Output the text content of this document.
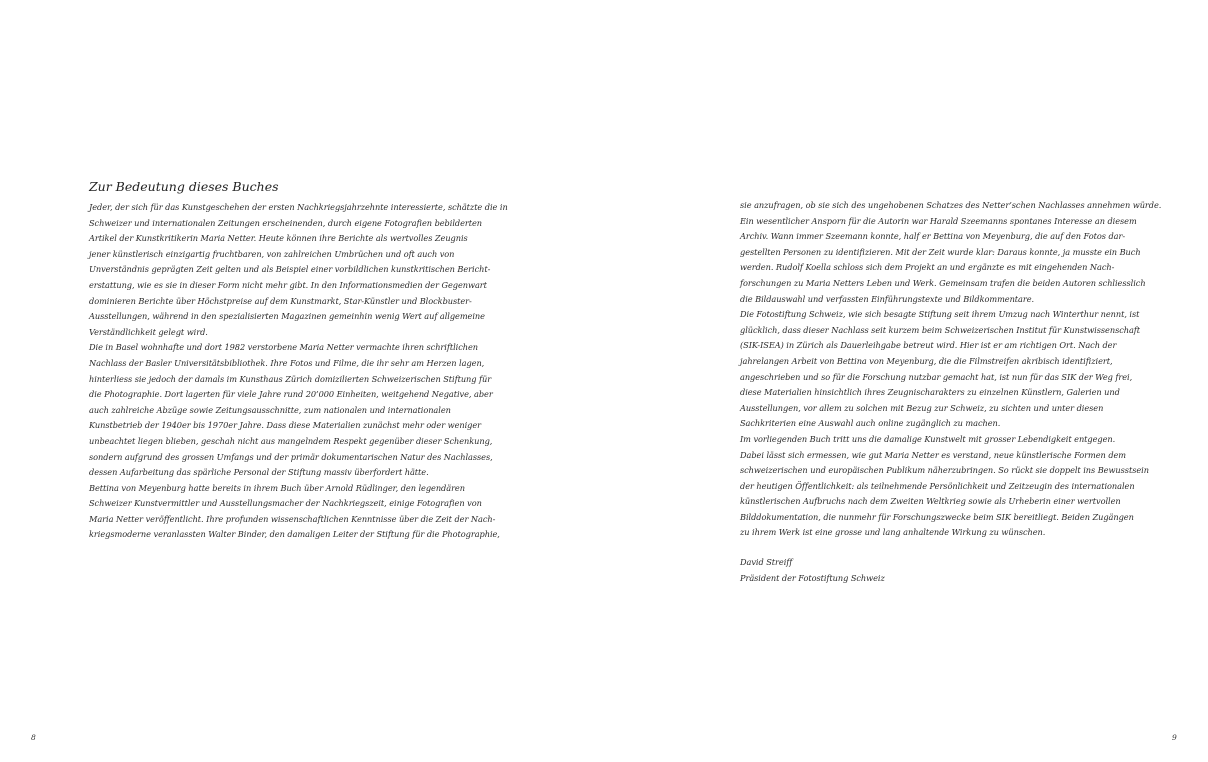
Zur Bedeutung dieses Buches
Jeder, der sich für das Kunstgeschehen der ersten Nachkriegsjahrzehnte interessierte, schätzte die in
Schweizer und internationalen Zeitungen erscheinenden, durch eigene Fotografien bebilderten
Artikel der Kunstkritikerin Maria Netter. Heute können ihre Berichte als wertvolles Zeugnis
jener künstlerisch einzigartig fruchtbaren, von zahlreichen Umbrüchen und oft auch von
Unverständnis geprägten Zeit gelten und als Beispiel einer vorbildlichen kunstkritischen Bericht-
erstattung, wie es sie in dieser Form nicht mehr gibt. In den Informationsmedien der Gegenwart
dominieren Berichte über Höchstpreise auf dem Kunstmarkt, Star-Künstler und Blockbuster-
Ausstellungen, während in den spezialisierten Magazinen gemeinhin wenig Wert auf allgemeine
Verständlichkeit gelegt wird.
Die in Basel wohnhafte und dort 1982 verstorbene Maria Netter vermachte ihren schriftlichen
Nachlass der Basler Universitätsbibliothek. Ihre Fotos und Filme, die ihr sehr am Herzen lagen,
hinterliess sie jedoch der damals im Kunsthaus Zürich domizilierten Schweizerischen Stiftung für
die Photographie. Dort lagerten für viele Jahre rund 20’000 Einheiten, weitgehend Negative, aber
auch zahlreiche Abzüge sowie Zeitungsausschnitte, zum nationalen und internationalen
Kunstbetrieb der 1940er bis 1970er Jahre. Dass diese Materialien zunächst mehr oder weniger
unbeachtet liegen blieben, geschah nicht aus mangelndem Respekt gegenüber dieser Schenkung,
sondern aufgrund des grossen Umfangs und der primär dokumentarischen Natur des Nachlasses,
dessen Aufarbeitung das spärliche Personal der Stiftung massiv überfordert hätte.
Bettina von Meyenburg hatte bereits in ihrem Buch über Arnold Rüdlinger, den legendären
Schweizer Kunstvermittler und Ausstellungsmacher der Nachkriegszeit, einige Fotografien von
Maria Netter veröffentlicht. Ihre profunden wissenschaftlichen Kenntnisse über die Zeit der Nach-
kriegsmoderne veranlassten Walter Binder, den damaligen Leiter der Stiftung für die Photographie,
8
sie anzufragen, ob sie sich des ungehobenen Schatzes des Netter’schen Nachlasses annehmen würde.
Ein wesentlicher Ansporn für die Autorin war Harald Szeemanns spontanes Interesse an diesem
Archiv. Wann immer Szeemann konnte, half er Bettina von Meyenburg, die auf den Fotos dar-
gestellten Personen zu identifizieren. Mit der Zeit wurde klar: Daraus konnte, ja musste ein Buch
werden. Rudolf Koella schloss sich dem Projekt an und ergänzte es mit eingehenden Nach-
forschungen zu Maria Netters Leben und Werk. Gemeinsam trafen die beiden Autoren schliesslich
die Bildauswahl und verfassten Einführungstexte und Bildkommentare.
Die Fotostiftung Schweiz, wie sich besagte Stiftung seit ihrem Umzug nach Winterthur nennt, ist
glücklich, dass dieser Nachlass seit kurzem beim Schweizerischen Institut für Kunstwissenschaft
(SIK-ISEA) in Zürich als Dauerleihgabe betreut wird. Hier ist er am richtigen Ort. Nach der
jahrelangen Arbeit von Bettina von Meyenburg, die die Filmstreifen akribisch identifiziert,
angeschrieben und so für die Forschung nutzbar gemacht hat, ist nun für das SIK der Weg frei,
diese Materialien hinsichtlich ihres Zeugnischarakters zu einzelnen Künstlern, Galerien und
Ausstellungen, vor allem zu solchen mit Bezug zur Schweiz, zu sichten und unter diesen
Sachkriterien eine Auswahl auch online zugänglich zu machen.
Im vorliegenden Buch tritt uns die damalige Kunstwelt mit grosser Lebendigkeit entgegen.
Dabei lässt sich ermessen, wie gut Maria Netter es verstand, neue künstlerische Formen dem
schweizerischen und europäischen Publikum näherzubringen. So rückt sie doppelt ins Bewusstsein
der heutigen Öffentlichkeit: als teilnehmende Persönlichkeit und Zeitzeugin des internationalen
künstlerischen Aufbruchs nach dem Zweiten Weltkrieg sowie als Urheberin einer wertvollen
Bilddokumentation, die nunmehr für Forschungszwecke beim SIK bereitliegt. Beiden Zugängen
zu ihrem Werk ist eine grosse und lang anhaltende Wirkung zu wünschen.
David Streiff
Präsident der Fotostiftung Schweiz
9
